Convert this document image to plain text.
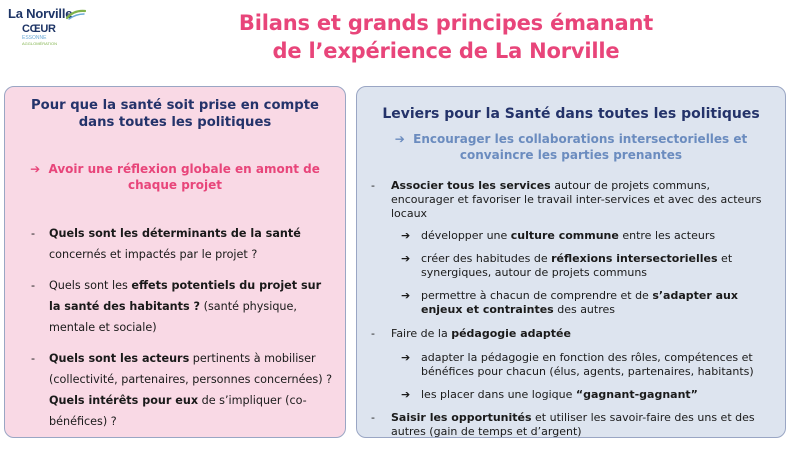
La Norville
CŒUR
ESSONNE
AGGLOMÉRATION
Bilans et grands principes émanant
de l’expérience de La Norville
Pour que la santé soit prise en compte
dans toutes les politiques
➔ Avoir une réflexion globale en amont de
chaque projet
-	Quels sont les déterminants de la santé concernés et impactés par le projet ?
-	Quels sont les effets potentiels du projet sur la santé des habitants ? (santé physique, mentale et sociale)
-	Quels sont les acteurs pertinents à mobiliser (collectivité, partenaires, personnes concernées) ?
Quels intérêts pour eux de s’impliquer (co-bénéfices) ?
Leviers pour la Santé dans toutes les politiques
➔ Encourager les collaborations intersectorielles et
convaincre les parties prenantes
-	Associer tous les services autour de projets communs, encourager et favoriser le travail inter-services et avec des acteurs locaux
➔ développer une culture commune entre les acteurs
➔ créer des habitudes de réflexions intersectorielles et synergiques, autour de projets communs
➔ permettre à chacun de comprendre et de s’adapter aux enjeux et contraintes des autres
-	Faire de la pédagogie adaptée
➔ adapter la pédagogie en fonction des rôles, compétences et bénéfices pour chacun (élus, agents, partenaires, habitants)
➔ les placer dans une logique “gagnant-gagnant”
-	Saisir les opportunités et utiliser les savoir-faire des uns et des autres (gain de temps et d’argent)
